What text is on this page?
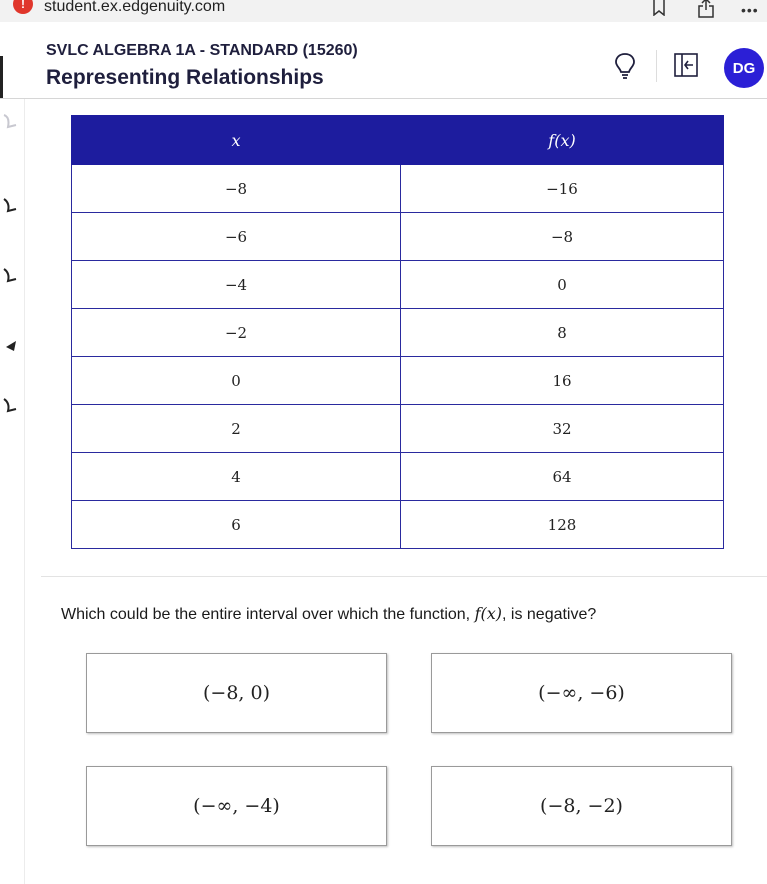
!	student.ex.edgenuity.com	•••
SVLC ALGEBRA 1A - STANDARD (15260)
Representing Relationships	DG
x	f(x)
−8	−16
−6	−8
−4	0
−2	8
0	16
2	32
4	64
6	128
Which could be the entire interval over which the function, f(x), is negative?
(−8, 0)	(−∞, −6)
(−∞, −4)	(−8, −2)
